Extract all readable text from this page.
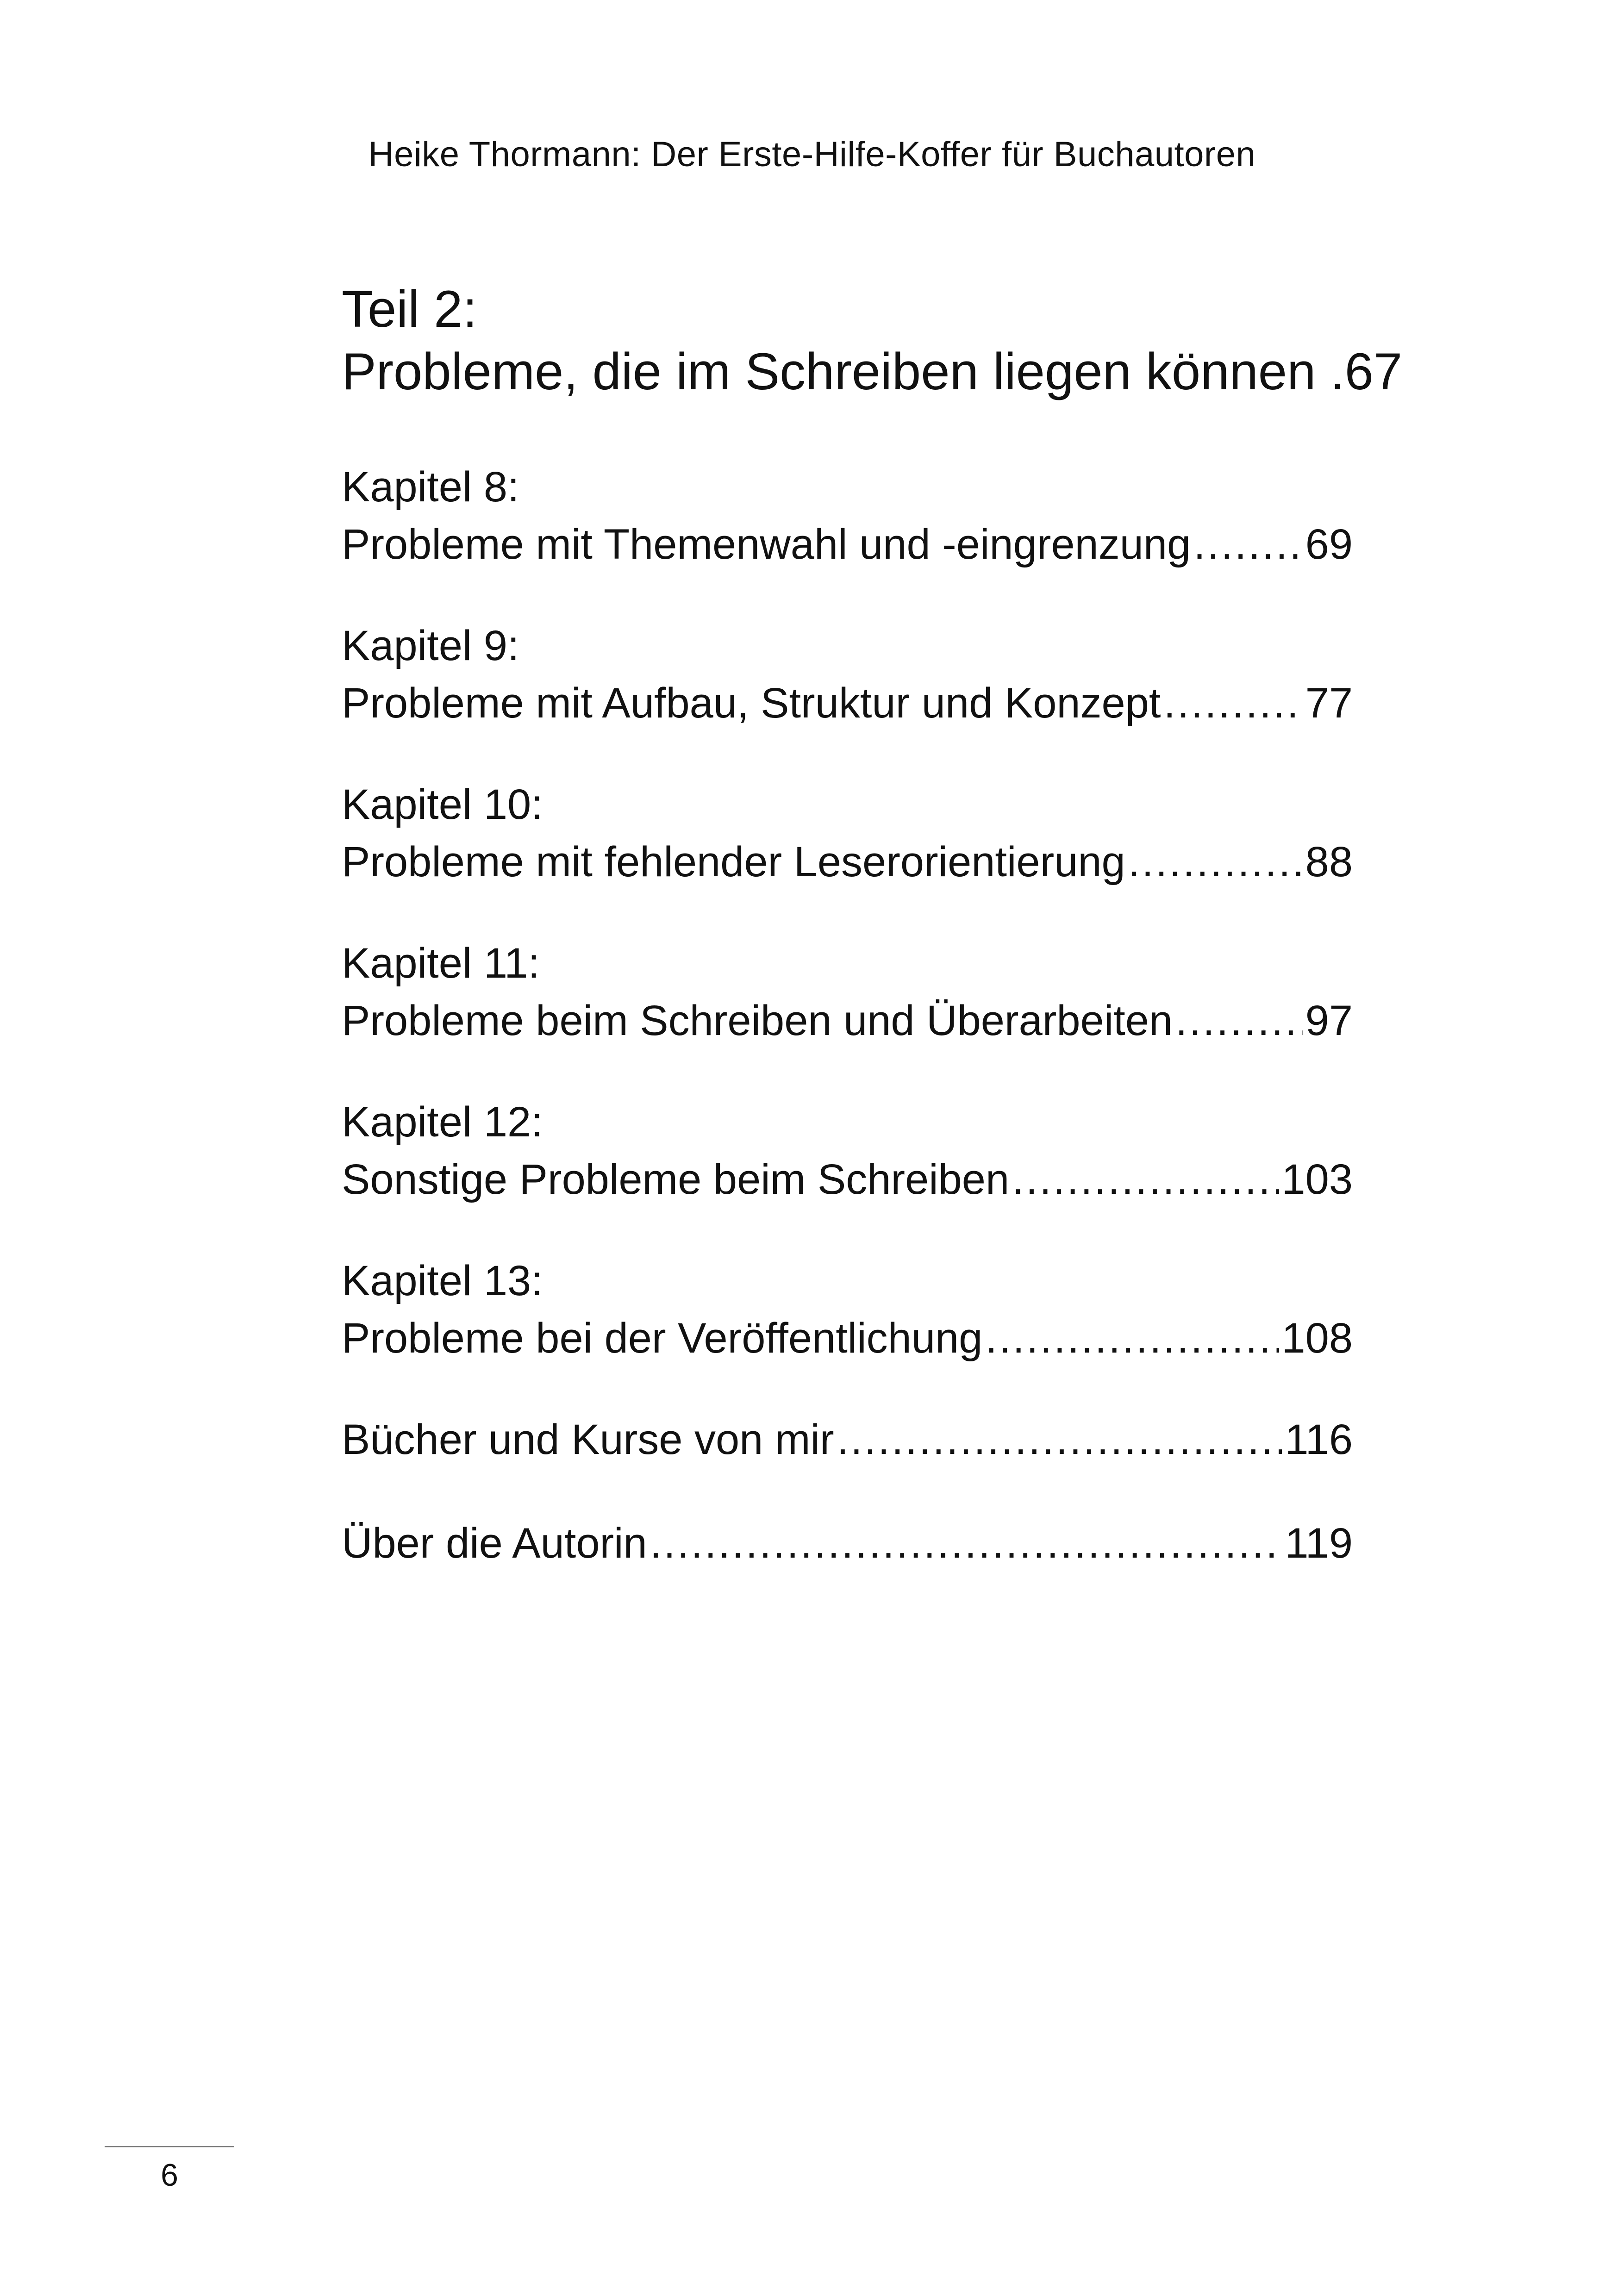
Heike Thormann: Der Erste-Hilfe-Koffer für Buchautoren
Teil 2:
Probleme, die im Schreiben liegen können . 67
Kapitel 8:
Probleme mit Themenwahl und -eingrenzung .....	69
Kapitel 9:
Probleme mit Aufbau, Struktur und Konzept .....	77
Kapitel 10:
Probleme mit fehlender Leserorientierung .....	88
Kapitel 11:
Probleme beim Schreiben und Überarbeiten .....	97
Kapitel 12:
Sonstige Probleme beim Schreiben .....	103
Kapitel 13:
Probleme bei der Veröffentlichung .....	108
Bücher und Kurse von mir .....	116
Über die Autorin .....	119
6
